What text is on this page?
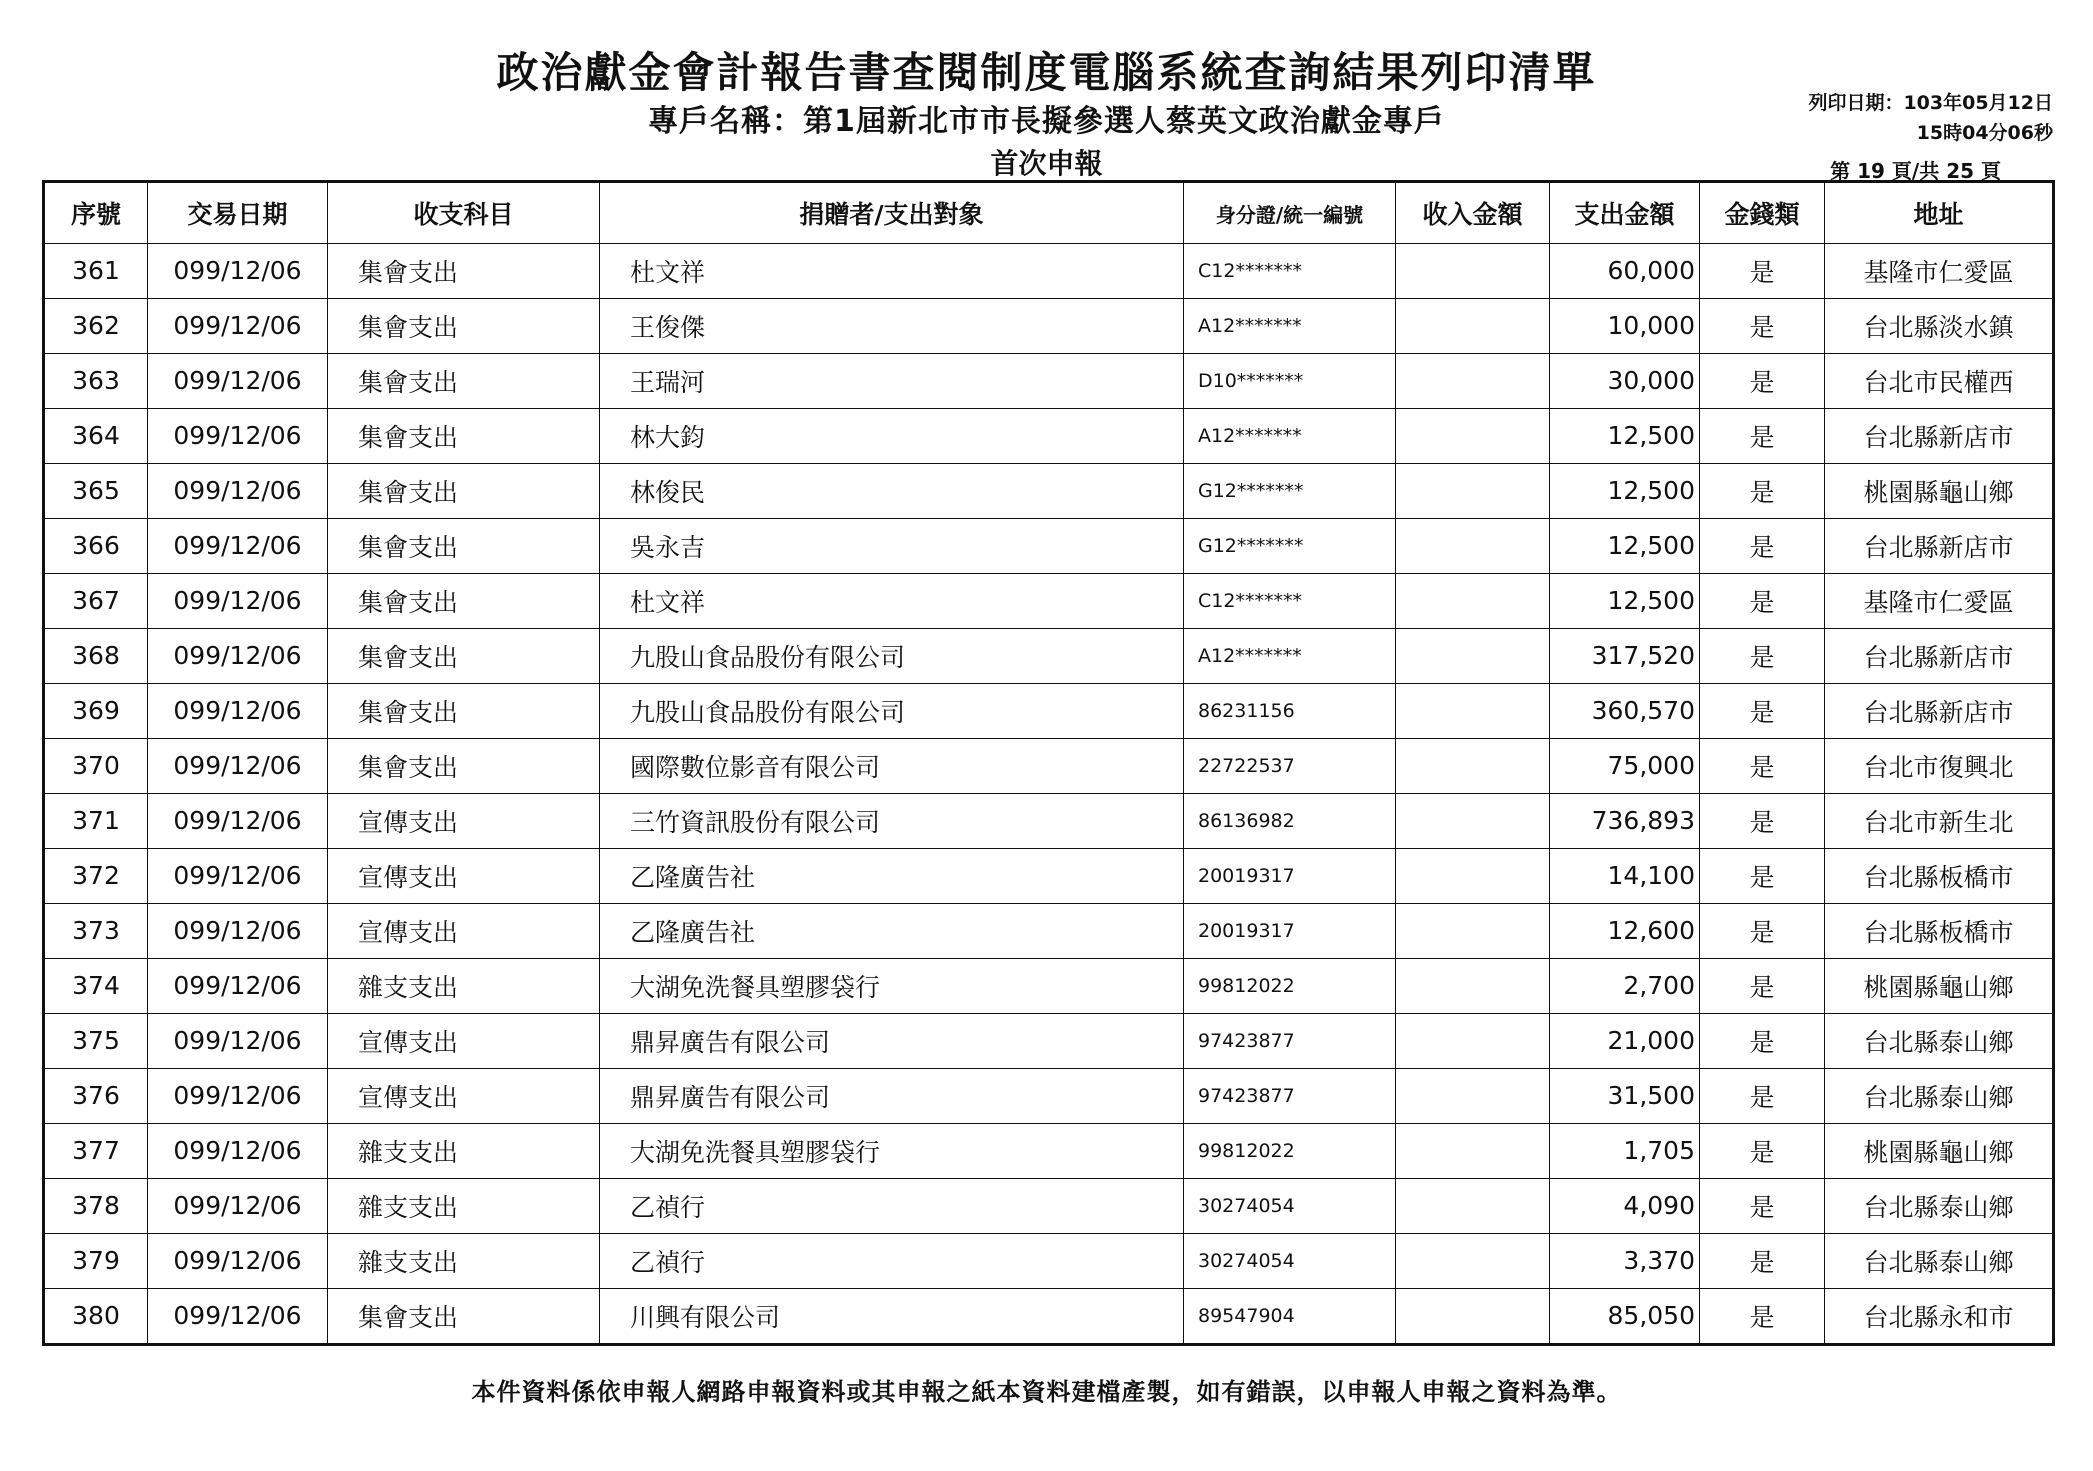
政治獻金會計報告書查閱制度電腦系統查詢結果列印清單
專戶名稱：第1屆新北市市長擬參選人蔡英文政治獻金專戶
首次申報
列印日期：103年05月12日
15時04分06秒
第 19 頁/共 25 頁
序號	交易日期	收支科目	捐贈者/支出對象	身分證/統一編號	收入金額	支出金額	金錢類	地址
361	099/12/06	集會支出	杜文祥	C12*******		60,000	是	基隆市仁愛區
362	099/12/06	集會支出	王俊傑	A12*******		10,000	是	台北縣淡水鎮
363	099/12/06	集會支出	王瑞河	D10*******		30,000	是	台北市民權西
364	099/12/06	集會支出	林大鈞	A12*******		12,500	是	台北縣新店市
365	099/12/06	集會支出	林俊民	G12*******		12,500	是	桃園縣龜山鄉
366	099/12/06	集會支出	吳永吉	G12*******		12,500	是	台北縣新店市
367	099/12/06	集會支出	杜文祥	C12*******		12,500	是	基隆市仁愛區
368	099/12/06	集會支出	九股山食品股份有限公司	A12*******		317,520	是	台北縣新店市
369	099/12/06	集會支出	九股山食品股份有限公司	86231156		360,570	是	台北縣新店市
370	099/12/06	集會支出	國際數位影音有限公司	22722537		75,000	是	台北市復興北
371	099/12/06	宣傳支出	三竹資訊股份有限公司	86136982		736,893	是	台北市新生北
372	099/12/06	宣傳支出	乙隆廣告社	20019317		14,100	是	台北縣板橋市
373	099/12/06	宣傳支出	乙隆廣告社	20019317		12,600	是	台北縣板橋市
374	099/12/06	雜支支出	大湖免洗餐具塑膠袋行	99812022		2,700	是	桃園縣龜山鄉
375	099/12/06	宣傳支出	鼎昇廣告有限公司	97423877		21,000	是	台北縣泰山鄉
376	099/12/06	宣傳支出	鼎昇廣告有限公司	97423877		31,500	是	台北縣泰山鄉
377	099/12/06	雜支支出	大湖免洗餐具塑膠袋行	99812022		1,705	是	桃園縣龜山鄉
378	099/12/06	雜支支出	乙禎行	30274054		4,090	是	台北縣泰山鄉
379	099/12/06	雜支支出	乙禎行	30274054		3,370	是	台北縣泰山鄉
380	099/12/06	集會支出	川興有限公司	89547904		85,050	是	台北縣永和市
本件資料係依申報人網路申報資料或其申報之紙本資料建檔產製，如有錯誤，以申報人申報之資料為準。
